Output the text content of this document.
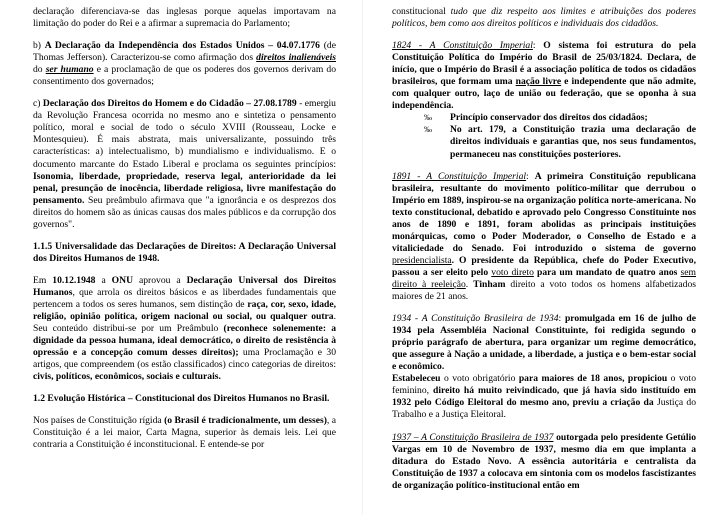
declaração diferenciava-se das inglesas porque aquelas importavam na limitação do poder do Rei e a afirmar a supremacia do Parlamento;

b) A Declaração da Independência dos Estados Unidos – 04.07.1776 (de Thomas Jefferson). Caracterizou-se como afirmação dos direitos inalienáveis do ser humano e a proclamação de que os poderes dos governos derivam do consentimento dos governados;

c) Declaração dos Direitos do Homem e do Cidadão – 27.08.1789 - emergiu da Revolução Francesa ocorrida no mesmo ano e sintetiza o pensamento político, moral e social de todo o século XVIII (Rousseau, Locke e Montesquieu). É mais abstrata, mais universalizante, possuindo três características: a) intelectualismo, b) mundialismo e individualismo. E o documento marcante do Estado Liberal e proclama os seguintes princípios: Isonomia, liberdade, propriedade, reserva legal, anterioridade da lei penal, presunção de inocência, liberdade religiosa, livre manifestação do pensamento. Seu preâmbulo afirmava que "a ignorância e os desprezos dos direitos do homem são as únicas causas dos males públicos e da corrupção dos governos".

1.1.5 Universalidade das Declarações de Direitos: A Declaração Universal dos Direitos Humanos de 1948.

Em 10.12.1948 a ONU aprovou a Declaração Universal dos Direitos Humanos, que arrola os direitos básicos e as liberdades fundamentais que pertencem a todos os seres humanos, sem distinção de raça, cor, sexo, idade, religião, opinião política, origem nacional ou social, ou qualquer outra. Seu conteúdo distribui-se por um Preâmbulo (reconhece solenemente: a dignidade da pessoa humana, ideal democrático, o direito de resistência à opressão e a concepção comum desses direitos); uma Proclamação e 30 artigos, que compreendem (os estão classificados) cinco categorias de direitos: civis, políticos, econômicos, sociais e culturais.

1.2 Evolução Histórica – Constitucional dos Direitos Humanos no Brasil.

Nos países de Constituição rígida (o Brasil é tradicionalmente, um desses), a Constituição é a lei maior, Carta Magna, superior às demais leis. Lei que contraria a Constituição é inconstitucional. E entende-se por

constitucional tudo que diz respeito aos limites e atribuições dos poderes políticos, bem como aos direitos políticos e individuais dos cidadãos.

1824 - A Constituição Imperial: O sistema foi estrutura do pela Constituição Política do Império do Brasil de 25/03/1824. Declara, de início, que o Império do Brasil é a associação política de todos os cidadãos brasileiros, que formam uma nação livre e independente que não admite, com qualquer outro, laço de união ou federação, que se oponha à sua independência.

‰	Princípio conservador dos direitos dos cidadãos;
‰	No art. 179, a Constituição trazia uma declaração de direitos individuais e garantias que, nos seus fundamentos, permaneceu nas constituições posteriores.

1891 - A Constituição Imperial: A primeira Constituição republicana brasileira, resultante do movimento político-militar que derrubou o Império em 1889, inspirou-se na organização política norte-americana. No texto constitucional, debatido e aprovado pelo Congresso Constituinte nos anos de 1890 e 1891, foram abolidas as principais instituições monárquicas, como o Poder Moderador, o Conselho de Estado e a vitaliciedade do Senado. Foi introduzido o sistema de governo presidencialista. O presidente da República, chefe do Poder Executivo, passou a ser eleito pelo voto direto para um mandato de quatro anos sem direito à reeleição. Tinham direito a voto todos os homens alfabetizados maiores de 21 anos.

1934 - A Constituição Brasileira de 1934: promulgada em 16 de julho de 1934 pela Assembléia Nacional Constituinte, foi redigida segundo o próprio parágrafo de abertura, para organizar um regime democrático, que assegure à Nação a unidade, a liberdade, a justiça e o bem-estar social e econômico.

Estabeleceu o voto obrigatório para maiores de 18 anos, propiciou o voto feminino, direito há muito reivindicado, que já havia sido instituído em 1932 pelo Código Eleitoral do mesmo ano, previu a criação da Justiça do Trabalho e a Justiça Eleitoral.

1937 – A Constituição Brasileira de 1937 outorgada pelo presidente Getúlio Vargas em 10 de Novembro de 1937, mesmo dia em que implanta a ditadura do Estado Novo. A essência autoritária e centralista da Constituição de 1937 a colocava em sintonia com os modelos fascistizantes de organização político-institucional então em
